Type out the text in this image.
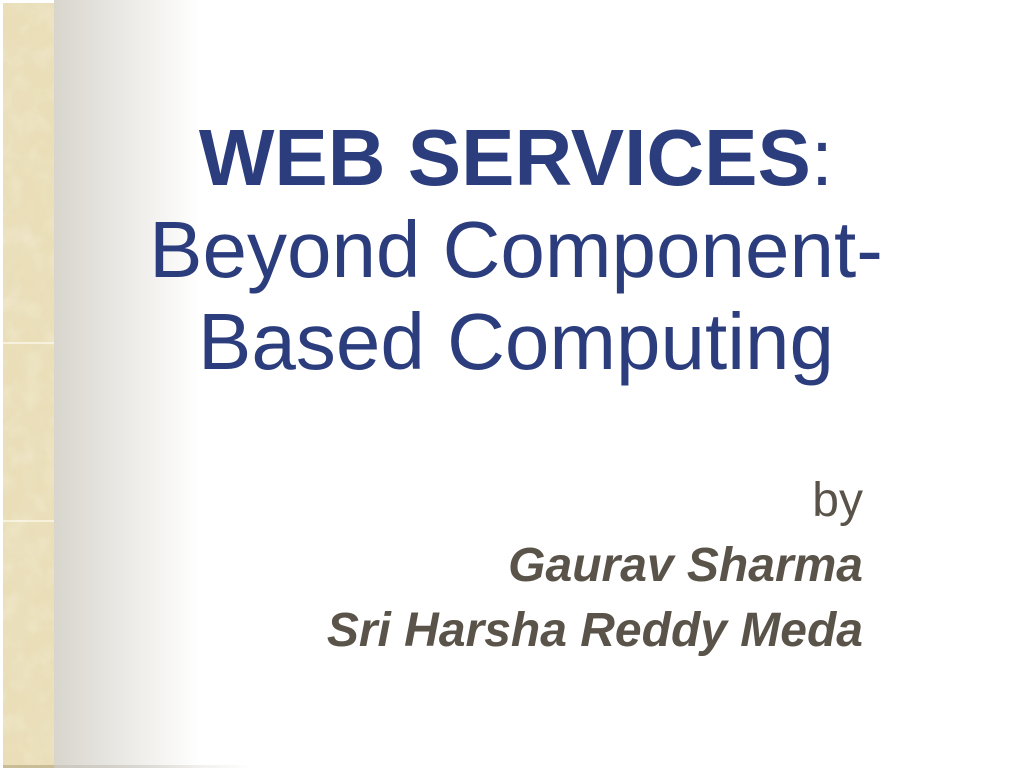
WEB SERVICES:
Beyond Component-
Based Computing
by
Gaurav Sharma
Sri Harsha Reddy Meda
